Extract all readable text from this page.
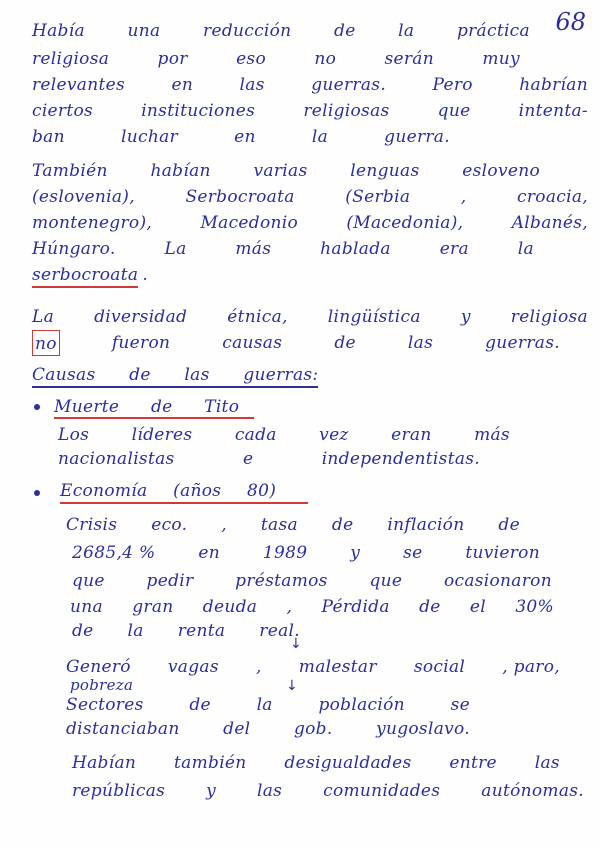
68
Había	una	reducción	de	la	práctica
religiosa	por	eso	no	serán	muy
relevantes	en	las	guerras.	Pero	habrían
ciertos	instituciones	religiosas	que	intenta-
ban	luchar	en	la	guerra.
También	habían	varias	lenguas	esloveno
(eslovenia),	Serbocroata	(Serbia	,	croacia,
montenegro),	Macedonio	(Macedonia),	Albanés,
Húngaro.	La	más	hablada	era	la
serbocroata .
La diversidad étnica, lingüística y religiosa
no	fueron	causas	de	las	guerras.
Causas de las guerras:
Muerte de Tito
Los líderes cada vez eran más
nacionalistas	e	independentistas.
Economía (años 80)
Crisis eco. , tasa de inflación de
2685,4 %	en	1989	y	se	tuvieron
que pedir préstamos que ocasionaron
una gran deuda , Pérdida de el 30%
de la renta real.
↓
Generó vagas , malestar social , paro,
pobreza	↓
Sectores	de	la	población	se
distanciaban	del	gob.	yugoslavo.
Habían también desigualdades entre las
repúblicas y las comunidades autónomas.
